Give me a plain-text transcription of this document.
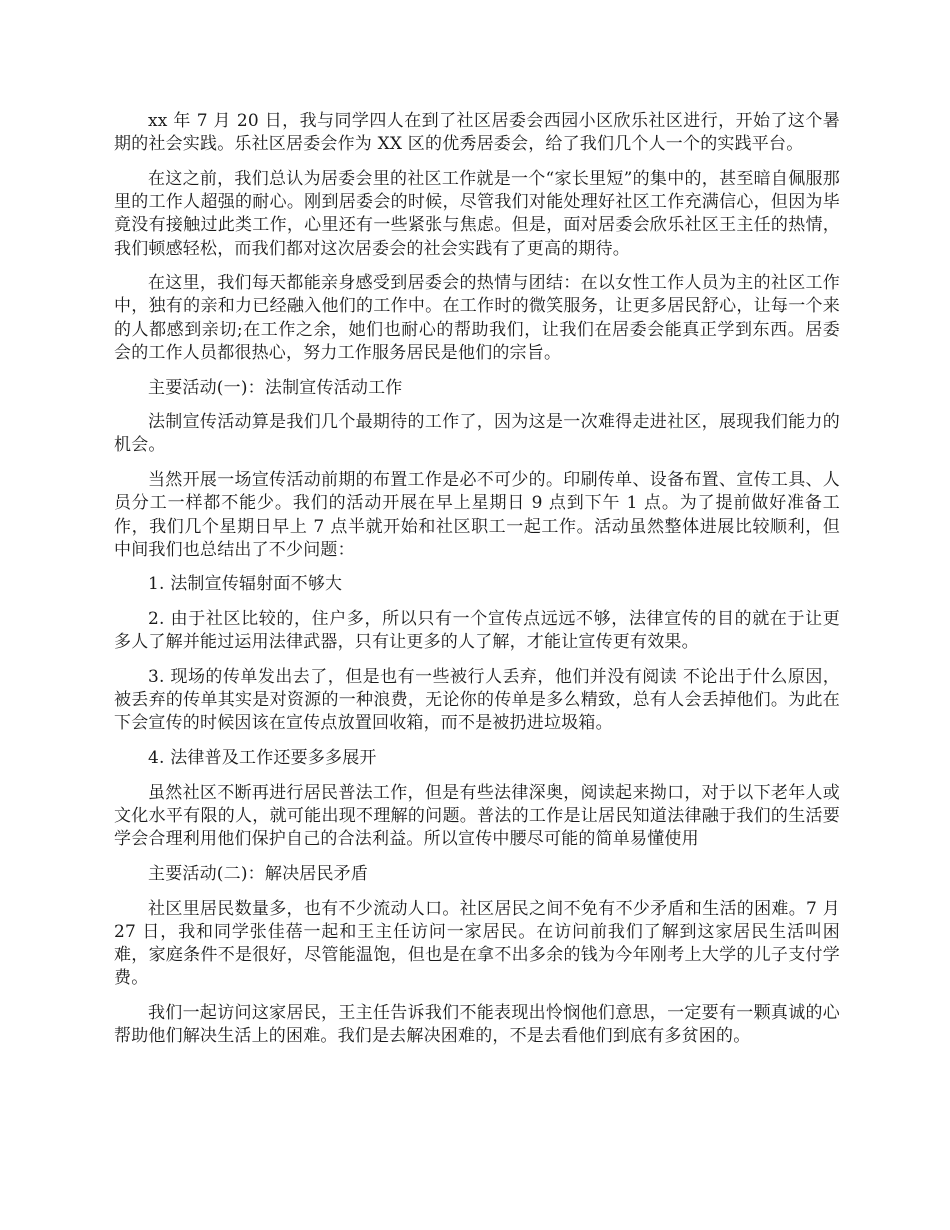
xx 年 7 月 20 日，我与同学四人在到了社区居委会西园小区欣乐社区进行，开始了这个暑期的社会实践。乐社区居委会作为 XX 区的优秀居委会，给了我们几个人一个的实践平台。

在这之前，我们总认为居委会里的社区工作就是一个“家长里短”的集中的，甚至暗自佩服那里的工作人超强的耐心。刚到居委会的时候，尽管我们对能处理好社区工作充满信心，但因为毕竟没有接触过此类工作，心里还有一些紧张与焦虑。但是，面对居委会欣乐社区王主任的热情，我们顿感轻松，而我们都对这次居委会的社会实践有了更高的期待。

在这里，我们每天都能亲身感受到居委会的热情与团结：在以女性工作人员为主的社区工作中，独有的亲和力已经融入他们的工作中。在工作时的微笑服务，让更多居民舒心，让每一个来的人都感到亲切;在工作之余，她们也耐心的帮助我们，让我们在居委会能真正学到东西。居委会的工作人员都很热心，努力工作服务居民是他们的宗旨。

主要活动(一)：法制宣传活动工作

法制宣传活动算是我们几个最期待的工作了，因为这是一次难得走进社区，展现我们能力的机会。

当然开展一场宣传活动前期的布置工作是必不可少的。印刷传单、设备布置、宣传工具、人员分工一样都不能少。我们的活动开展在早上星期日 9 点到下午 1 点。为了提前做好准备工作，我们几个星期日早上 7 点半就开始和社区职工一起工作。活动虽然整体进展比较顺利，但中间我们也总结出了不少问题：

1. 法制宣传辐射面不够大

2. 由于社区比较的，住户多，所以只有一个宣传点远远不够，法律宣传的目的就在于让更多人了解并能过运用法律武器，只有让更多的人了解，才能让宣传更有效果。

3. 现场的传单发出去了，但是也有一些被行人丢弃，他们并没有阅读 不论出于什么原因，被丢弃的传单其实是对资源的一种浪费，无论你的传单是多么精致，总有人会丢掉他们。为此在下会宣传的时候因该在宣传点放置回收箱，而不是被扔进垃圾箱。

4. 法律普及工作还要多多展开

虽然社区不断再进行居民普法工作，但是有些法律深奥，阅读起来拗口，对于以下老年人或文化水平有限的人，就可能出现不理解的问题。普法的工作是让居民知道法律融于我们的生活要学会合理利用他们保护自己的合法利益。所以宣传中腰尽可能的简单易懂使用

主要活动(二)：解决居民矛盾

社区里居民数量多，也有不少流动人口。社区居民之间不免有不少矛盾和生活的困难。7 月 27 日，我和同学张佳蓓一起和王主任访问一家居民。在访问前我们了解到这家居民生活叫困难，家庭条件不是很好，尽管能温饱，但也是在拿不出多余的钱为今年刚考上大学的儿子支付学费。

我们一起访问这家居民，王主任告诉我们不能表现出怜悯他们意思，一定要有一颗真诚的心帮助他们解决生活上的困难。我们是去解决困难的，不是去看他们到底有多贫困的。
